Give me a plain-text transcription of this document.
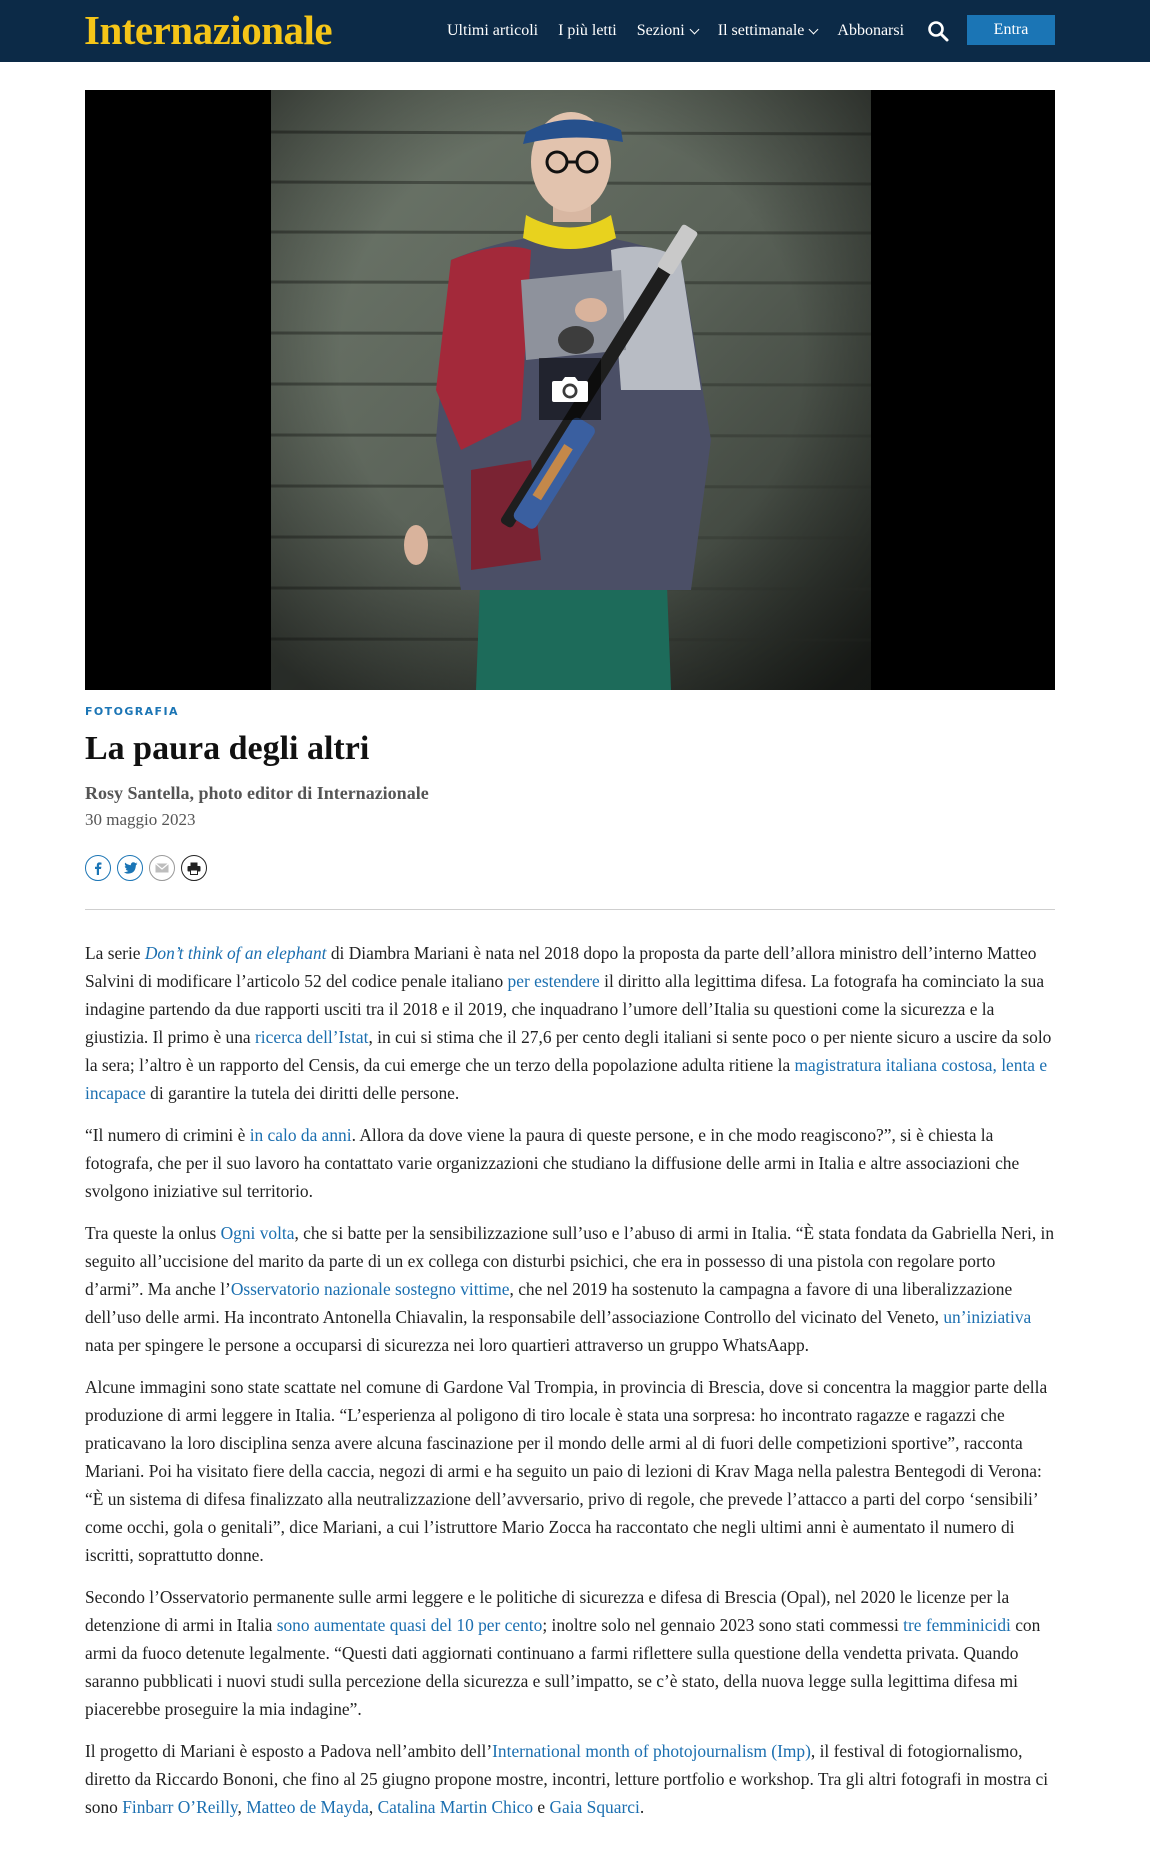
Internazionale	Ultimi articoli I più letti Sezioni Il settimanale Abbonarsi	Entra
FOTOGRAFIA
La paura degli altri
Rosy Santella, photo editor di Internazionale
30 maggio 2023

La serie Don’t think of an elephant di Diambra Mariani è nata nel 2018 dopo la proposta da parte dell’allora ministro dell’interno Matteo Salvini di modificare l’articolo 52 del codice penale italiano per estendere il diritto alla legittima difesa. La fotografa ha cominciato la sua indagine partendo da due rapporti usciti tra il 2018 e il 2019, che inquadrano l’umore dell’Italia su questioni come la sicurezza e la giustizia. Il primo è una ricerca dell’Istat, in cui si stima che il 27,6 per cento degli italiani si sente poco o per niente sicuro a uscire da solo la sera; l’altro è un rapporto del Censis, da cui emerge che un terzo della popolazione adulta ritiene la magistratura italiana costosa, lenta e incapace di garantire la tutela dei diritti delle persone.

“Il numero di crimini è in calo da anni. Allora da dove viene la paura di queste persone, e in che modo reagiscono?”, si è chiesta la fotografa, che per il suo lavoro ha contattato varie organizzazioni che studiano la diffusione delle armi in Italia e altre associazioni che svolgono iniziative sul territorio.

Tra queste la onlus Ogni volta, che si batte per la sensibilizzazione sull’uso e l’abuso di armi in Italia. “È stata fondata da Gabriella Neri, in seguito all’uccisione del marito da parte di un ex collega con disturbi psichici, che era in possesso di una pistola con regolare porto d’armi”. Ma anche l’Osservatorio nazionale sostegno vittime, che nel 2019 ha sostenuto la campagna a favore di una liberalizzazione dell’uso delle armi. Ha incontrato Antonella Chiavalin, la responsabile dell’associazione Controllo del vicinato del Veneto, un’iniziativa nata per spingere le persone a occuparsi di sicurezza nei loro quartieri attraverso un gruppo WhatsAapp.

Alcune immagini sono state scattate nel comune di Gardone Val Trompia, in provincia di Brescia, dove si concentra la maggior parte della produzione di armi leggere in Italia. “L’esperienza al poligono di tiro locale è stata una sorpresa: ho incontrato ragazze e ragazzi che praticavano la loro disciplina senza avere alcuna fascinazione per il mondo delle armi al di fuori delle competizioni sportive”, racconta Mariani. Poi ha visitato fiere della caccia, negozi di armi e ha seguito un paio di lezioni di Krav Maga nella palestra Bentegodi di Verona: “È un sistema di difesa finalizzato alla neutralizzazione dell’avversario, privo di regole, che prevede l’attacco a parti del corpo ‘sensibili’ come occhi, gola o genitali”, dice Mariani, a cui l’istruttore Mario Zocca ha raccontato che negli ultimi anni è aumentato il numero di iscritti, soprattutto donne.

Secondo l’Osservatorio permanente sulle armi leggere e le politiche di sicurezza e difesa di Brescia (Opal), nel 2020 le licenze per la detenzione di armi in Italia sono aumentate quasi del 10 per cento; inoltre solo nel gennaio 2023 sono stati commessi tre femminicidi con armi da fuoco detenute legalmente. “Questi dati aggiornati continuano a farmi riflettere sulla questione della vendetta privata. Quando saranno pubblicati i nuovi studi sulla percezione della sicurezza e sull’impatto, se c’è stato, della nuova legge sulla legittima difesa mi piacerebbe proseguire la mia indagine”.

Il progetto di Mariani è esposto a Padova nell’ambito dell’International month of photojournalism (Imp), il festival di fotogiornalismo, diretto da Riccardo Bononi, che fino al 25 giugno propone mostre, incontri, letture portfolio e workshop. Tra gli altri fotografi in mostra ci sono Finbarr O’Reilly, Matteo de Mayda, Catalina Martin Chico e Gaia Squarci.
